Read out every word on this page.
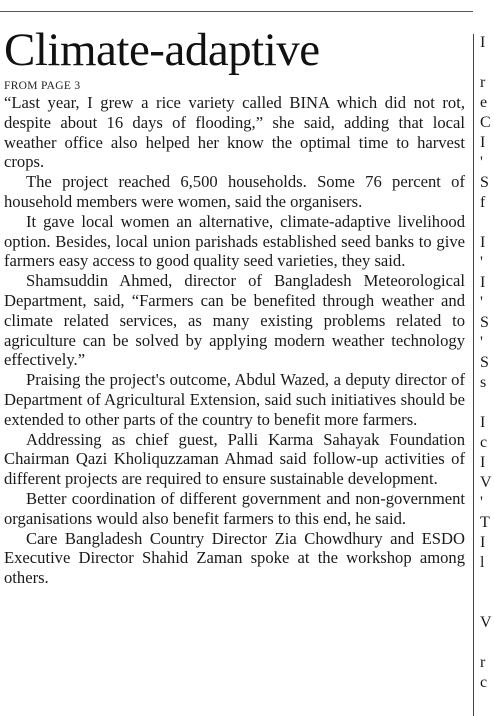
Climate-adaptive
FROM PAGE 3

“Last year, I grew a rice variety called BINA which did not rot, despite about 16 days of flooding,” she said, adding that local weather office also helped her know the optimal time to harvest crops.

The project reached 6,500 households. Some 76 percent of household members were women, said the organisers.

It gave local women an alternative, climate-adaptive livelihood option. Besides, local union parishads established seed banks to give farmers easy access to good quality seed varieties, they said.

Shamsuddin Ahmed, director of Bangladesh Meteorological Department, said, “Farmers can be benefited through weather and climate related services, as many existing problems related to agriculture can be solved by applying modern weather technology effectively.”

Praising the project's outcome, Abdul Wazed, a deputy director of Department of Agricultural Extension, said such initiatives should be extended to other parts of the country to benefit more farmers.

Addressing as chief guest, Palli Karma Sahayak Foundation Chairman Qazi Kholiquzzaman Ahmad said follow-up activities of different projects are required to ensure sustainable development.

Better coordination of different government and non-government organisations would also benefit farmers to this end, he said.

Care Bangladesh Country Director Zia Chowdhury and ESDO Executive Director Shahid Zaman spoke at the workshop among others.

I
r
e
C
I
'
S
f
I
'
I
'
S
'
S
s
I
c
I
V
'
T
I
l
V
r
c
